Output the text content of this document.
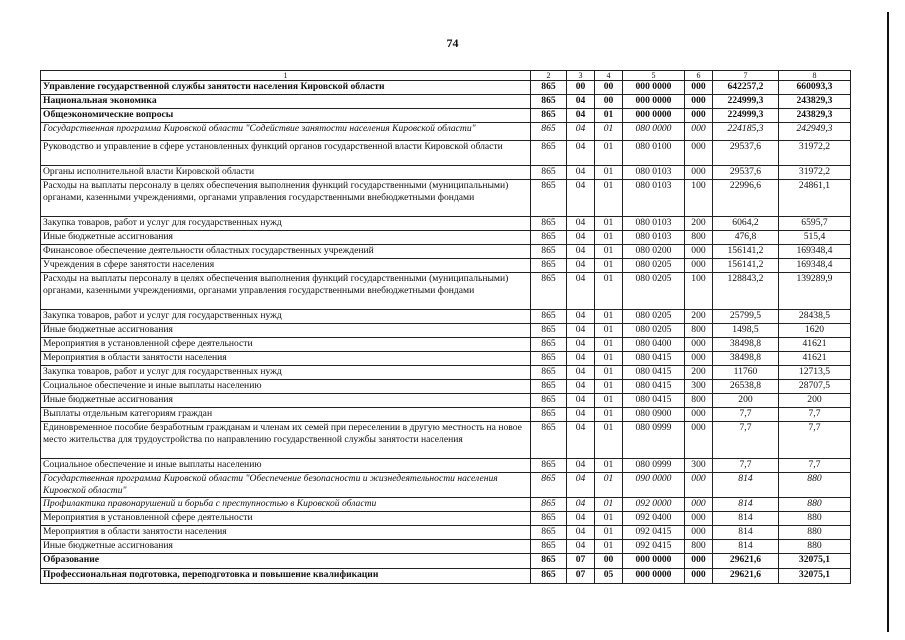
74
1	2	3	4	5	6	7	8
Управление государственной службы занятости населения Кировской области	865	00	00	000 0000	000	642257,2	660093,3
Национальная экономика	865	04	00	000 0000	000	224999,3	243829,3
Общеэкономические вопросы	865	04	01	000 0000	000	224999,3	243829,3
Государственная программа Кировской области "Содействие занятости населения Кировской области"	865	04	01	080 0000	000	224185,3	242949,3
Руководство и управление в сфере установленных функций органов государственной власти Кировской области	865	04	01	080 0100	000	29537,6	31972,2
Органы исполнительной власти Кировской области	865	04	01	080 0103	000	29537,6	31972,2
Расходы на выплаты персоналу в целях обеспечения выполнения функций государственными (муниципальными) органами, казенными учреждениями, органами управления государственными внебюджетными фондами	865	04	01	080 0103	100	22996,6	24861,1
Закупка товаров, работ и услуг для государственных нужд	865	04	01	080 0103	200	6064,2	6595,7
Иные бюджетные ассигнования	865	04	01	080 0103	800	476,8	515,4
Финансовое обеспечение деятельности областных государственных учреждений	865	04	01	080 0200	000	156141,2	169348,4
Учреждения в сфере занятости населения	865	04	01	080 0205	000	156141,2	169348,4
Расходы на выплаты персоналу в целях обеспечения выполнения функций государственными (муниципальными) органами, казенными учреждениями, органами управления государственными внебюджетными фондами	865	04	01	080 0205	100	128843,2	139289,9
Закупка товаров, работ и услуг для государственных нужд	865	04	01	080 0205	200	25799,5	28438,5
Иные бюджетные ассигнования	865	04	01	080 0205	800	1498,5	1620
Мероприятия в установленной сфере деятельности	865	04	01	080 0400	000	38498,8	41621
Мероприятия в области занятости населения	865	04	01	080 0415	000	38498,8	41621
Закупка товаров, работ и услуг для государственных нужд	865	04	01	080 0415	200	11760	12713,5
Социальное обеспечение и иные выплаты населению	865	04	01	080 0415	300	26538,8	28707,5
Иные бюджетные ассигнования	865	04	01	080 0415	800	200	200
Выплаты отдельным категориям граждан	865	04	01	080 0900	000	7,7	7,7
Единовременное пособие безработным гражданам и членам их семей при переселении в другую местность на новое место жительства для трудоустройства по направлению государственной службы занятости населения	865	04	01	080 0999	000	7,7	7,7
Социальное обеспечение и иные выплаты населению	865	04	01	080 0999	300	7,7	7,7
Государственная программа Кировской области "Обеспечение безопасности и жизнедеятельности населения Кировской области"	865	04	01	090 0000	000	814	880
Профилактика правонарушений и борьба с преступностью в Кировской области	865	04	01	092 0000	000	814	880
Мероприятия в установленной сфере деятельности	865	04	01	092 0400	000	814	880
Мероприятия в области занятости населения	865	04	01	092 0415	000	814	880
Иные бюджетные ассигнования	865	04	01	092 0415	800	814	880
Образование	865	07	00	000 0000	000	29621,6	32075,1
Профессиональная подготовка, переподготовка и повышение квалификации	865	07	05	000 0000	000	29621,6	32075,1
